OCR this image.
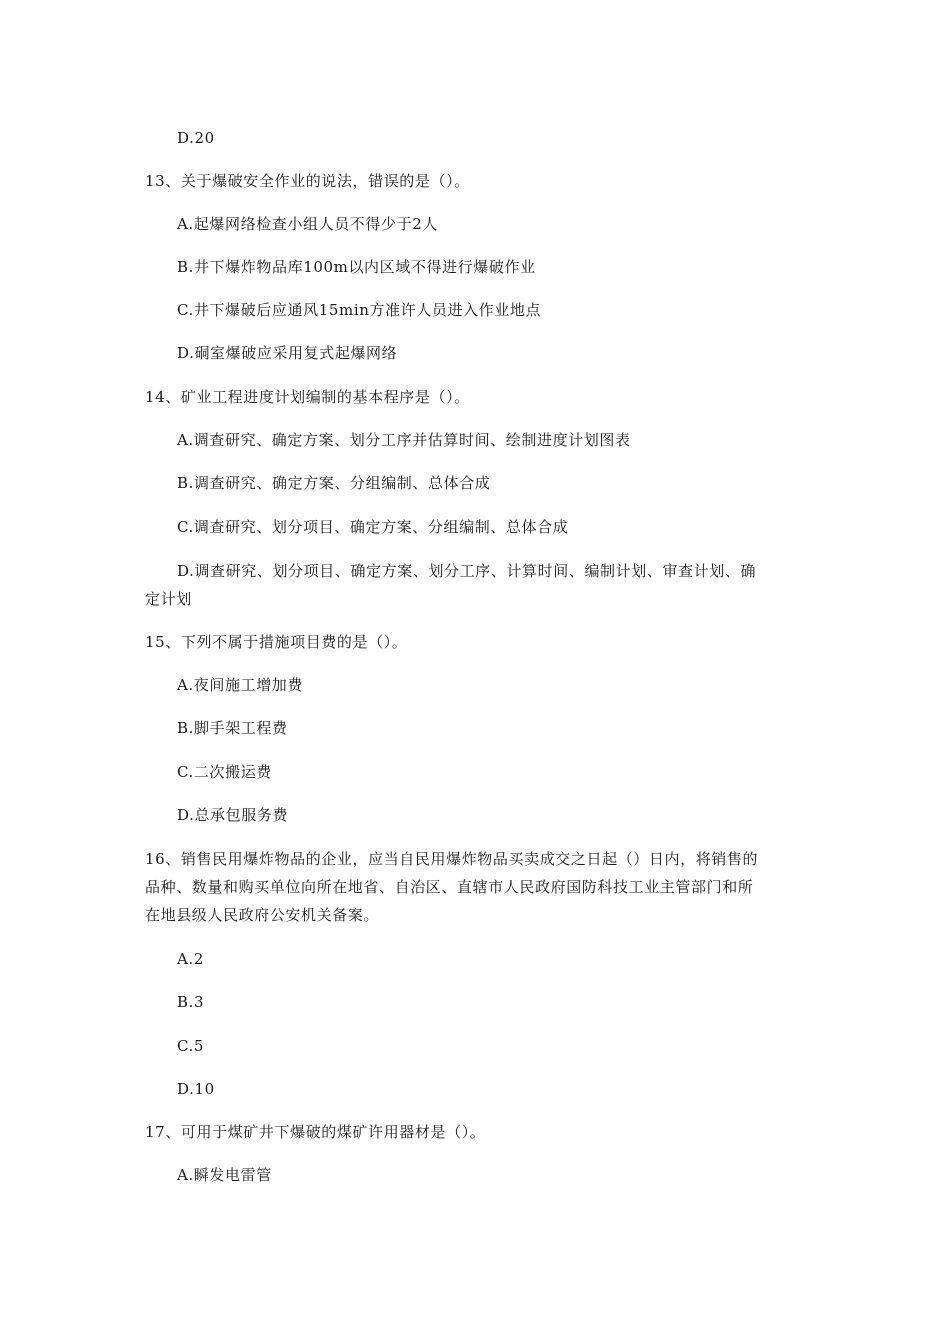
D.20
13、关于爆破安全作业的说法，错误的是（）。
A.起爆网络检查小组人员不得少于2人
B.井下爆炸物品库100m以内区域不得进行爆破作业
C.井下爆破后应通风15min方准许人员进入作业地点
D.硐室爆破应采用复式起爆网络
14、矿业工程进度计划编制的基本程序是（）。
A.调查研究、确定方案、划分工序并估算时间、绘制进度计划图表
B.调查研究、确定方案、分组编制、总体合成
C.调查研究、划分项目、确定方案、分组编制、总体合成
D.调查研究、划分项目、确定方案、划分工序、计算时间、编制计划、审查计划、确
定计划
15、下列不属于措施项目费的是（）。
A.夜间施工增加费
B.脚手架工程费
C.二次搬运费
D.总承包服务费
16、销售民用爆炸物品的企业，应当自民用爆炸物品买卖成交之日起（）日内，将销售的
品种、数量和购买单位向所在地省、自治区、直辖市人民政府国防科技工业主管部门和所
在地县级人民政府公安机关备案。
A.2
B.3
C.5
D.10
17、可用于煤矿井下爆破的煤矿许用器材是（）。
A.瞬发电雷管
